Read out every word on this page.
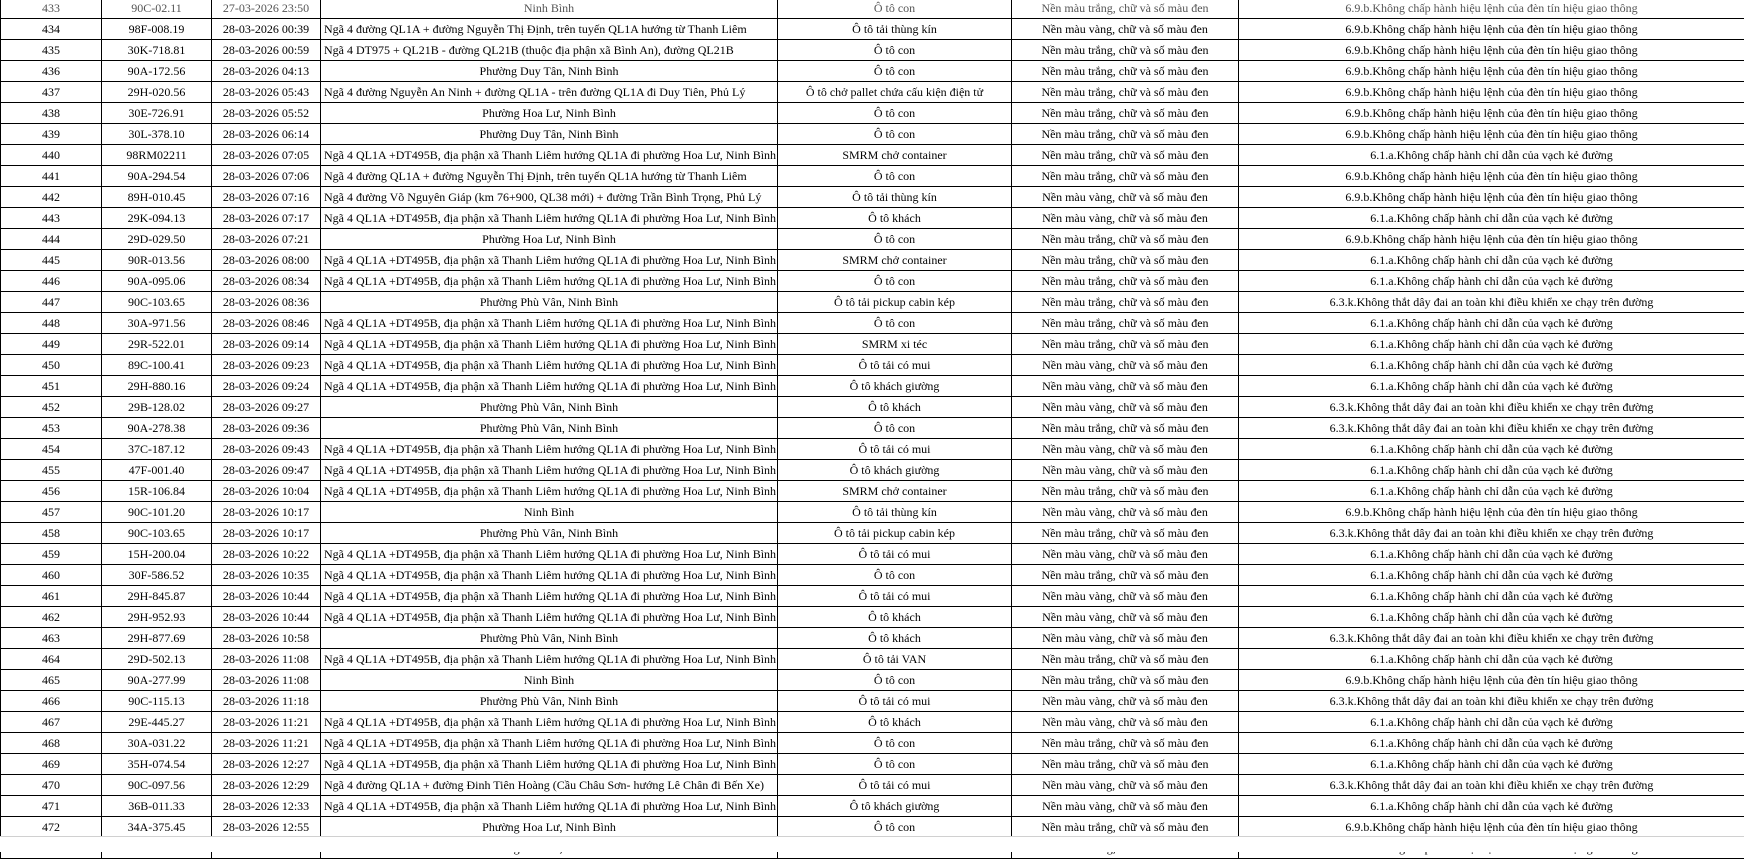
433	90C-02.11	27-03-2026 23:50	Ninh Bình	Ô tô con	Nền màu trắng, chữ và số màu đen	6.9.b.Không chấp hành hiệu lệnh của đèn tín hiệu giao thông
434	98F-008.19	28-03-2026 00:39	Ngã 4 đường QL1A + đường Nguyễn Thị Định, trên tuyến QL1A hướng từ Thanh Liêm	Ô tô tải thùng kín	Nền màu vàng, chữ và số màu đen	6.9.b.Không chấp hành hiệu lệnh của đèn tín hiệu giao thông
435	30K-718.81	28-03-2026 00:59	Ngã 4 DT975 + QL21B - đường QL21B (thuộc địa phận xã Bình An), đường QL21B	Ô tô con	Nền màu trắng, chữ và số màu đen	6.9.b.Không chấp hành hiệu lệnh của đèn tín hiệu giao thông
436	90A-172.56	28-03-2026 04:13	Phường Duy Tân, Ninh Bình	Ô tô con	Nền màu trắng, chữ và số màu đen	6.9.b.Không chấp hành hiệu lệnh của đèn tín hiệu giao thông
437	29H-020.56	28-03-2026 05:43	Ngã 4 đường Nguyễn An Ninh + đường QL1A - trên đường QL1A đi Duy Tiên, Phủ Lý	Ô tô chở pallet chứa cấu kiện điện tử	Nền màu trắng, chữ và số màu đen	6.9.b.Không chấp hành hiệu lệnh của đèn tín hiệu giao thông
438	30E-726.91	28-03-2026 05:52	Phường Hoa Lư, Ninh Bình	Ô tô con	Nền màu trắng, chữ và số màu đen	6.9.b.Không chấp hành hiệu lệnh của đèn tín hiệu giao thông
439	30L-378.10	28-03-2026 06:14	Phường Duy Tân, Ninh Bình	Ô tô con	Nền màu trắng, chữ và số màu đen	6.9.b.Không chấp hành hiệu lệnh của đèn tín hiệu giao thông
440	98RM02211	28-03-2026 07:05	Ngã 4 QL1A +DT495B, địa phận xã Thanh Liêm hướng QL1A đi phường Hoa Lư, Ninh Bình	SMRM chở container	Nền màu trắng, chữ và số màu đen	6.1.a.Không chấp hành chỉ dẫn của vạch kẻ đường
441	90A-294.54	28-03-2026 07:06	Ngã 4 đường QL1A + đường Nguyễn Thị Định, trên tuyến QL1A hướng từ Thanh Liêm	Ô tô con	Nền màu trắng, chữ và số màu đen	6.9.b.Không chấp hành hiệu lệnh của đèn tín hiệu giao thông
442	89H-010.45	28-03-2026 07:16	Ngã 4 đường Võ Nguyên Giáp (km 76+900, QL38 mới) + đường Trần Bình Trọng, Phủ Lý	Ô tô tải thùng kín	Nền màu vàng, chữ và số màu đen	6.9.b.Không chấp hành hiệu lệnh của đèn tín hiệu giao thông
443	29K-094.13	28-03-2026 07:17	Ngã 4 QL1A +DT495B, địa phận xã Thanh Liêm hướng QL1A đi phường Hoa Lư, Ninh Bình	Ô tô khách	Nền màu vàng, chữ và số màu đen	6.1.a.Không chấp hành chỉ dẫn của vạch kẻ đường
444	29D-029.50	28-03-2026 07:21	Phường Hoa Lư, Ninh Bình	Ô tô con	Nền màu trắng, chữ và số màu đen	6.9.b.Không chấp hành hiệu lệnh của đèn tín hiệu giao thông
445	90R-013.56	28-03-2026 08:00	Ngã 4 QL1A +DT495B, địa phận xã Thanh Liêm hướng QL1A đi phường Hoa Lư, Ninh Bình	SMRM chở container	Nền màu trắng, chữ và số màu đen	6.1.a.Không chấp hành chỉ dẫn của vạch kẻ đường
446	90A-095.06	28-03-2026 08:34	Ngã 4 QL1A +DT495B, địa phận xã Thanh Liêm hướng QL1A đi phường Hoa Lư, Ninh Bình	Ô tô con	Nền màu trắng, chữ và số màu đen	6.1.a.Không chấp hành chỉ dẫn của vạch kẻ đường
447	90C-103.65	28-03-2026 08:36	Phường Phù Vân, Ninh Bình	Ô tô tải pickup cabin kép	Nền màu trắng, chữ và số màu đen	6.3.k.Không thắt dây đai an toàn khi điều khiển xe chạy trên đường
448	30A-971.56	28-03-2026 08:46	Ngã 4 QL1A +DT495B, địa phận xã Thanh Liêm hướng QL1A đi phường Hoa Lư, Ninh Bình	Ô tô con	Nền màu trắng, chữ và số màu đen	6.1.a.Không chấp hành chỉ dẫn của vạch kẻ đường
449	29R-522.01	28-03-2026 09:14	Ngã 4 QL1A +DT495B, địa phận xã Thanh Liêm hướng QL1A đi phường Hoa Lư, Ninh Bình	SMRM xi téc	Nền màu trắng, chữ và số màu đen	6.1.a.Không chấp hành chỉ dẫn của vạch kẻ đường
450	89C-100.41	28-03-2026 09:23	Ngã 4 QL1A +DT495B, địa phận xã Thanh Liêm hướng QL1A đi phường Hoa Lư, Ninh Bình	Ô tô tải có mui	Nền màu vàng, chữ và số màu đen	6.1.a.Không chấp hành chỉ dẫn của vạch kẻ đường
451	29H-880.16	28-03-2026 09:24	Ngã 4 QL1A +DT495B, địa phận xã Thanh Liêm hướng QL1A đi phường Hoa Lư, Ninh Bình	Ô tô khách giường	Nền màu vàng, chữ và số màu đen	6.1.a.Không chấp hành chỉ dẫn của vạch kẻ đường
452	29B-128.02	28-03-2026 09:27	Phường Phù Vân, Ninh Bình	Ô tô khách	Nền màu vàng, chữ và số màu đen	6.3.k.Không thắt dây đai an toàn khi điều khiển xe chạy trên đường
453	90A-278.38	28-03-2026 09:36	Phường Phù Vân, Ninh Bình	Ô tô con	Nền màu trắng, chữ và số màu đen	6.3.k.Không thắt dây đai an toàn khi điều khiển xe chạy trên đường
454	37C-187.12	28-03-2026 09:43	Ngã 4 QL1A +DT495B, địa phận xã Thanh Liêm hướng QL1A đi phường Hoa Lư, Ninh Bình	Ô tô tải có mui	Nền màu vàng, chữ và số màu đen	6.1.a.Không chấp hành chỉ dẫn của vạch kẻ đường
455	47F-001.40	28-03-2026 09:47	Ngã 4 QL1A +DT495B, địa phận xã Thanh Liêm hướng QL1A đi phường Hoa Lư, Ninh Bình	Ô tô khách giường	Nền màu vàng, chữ và số màu đen	6.1.a.Không chấp hành chỉ dẫn của vạch kẻ đường
456	15R-106.84	28-03-2026 10:04	Ngã 4 QL1A +DT495B, địa phận xã Thanh Liêm hướng QL1A đi phường Hoa Lư, Ninh Bình	SMRM chở container	Nền màu trắng, chữ và số màu đen	6.1.a.Không chấp hành chỉ dẫn của vạch kẻ đường
457	90C-101.20	28-03-2026 10:17	Ninh Bình	Ô tô tải thùng kín	Nền màu vàng, chữ và số màu đen	6.9.b.Không chấp hành hiệu lệnh của đèn tín hiệu giao thông
458	90C-103.65	28-03-2026 10:17	Phường Phù Vân, Ninh Bình	Ô tô tải pickup cabin kép	Nền màu trắng, chữ và số màu đen	6.3.k.Không thắt dây đai an toàn khi điều khiển xe chạy trên đường
459	15H-200.04	28-03-2026 10:22	Ngã 4 QL1A +DT495B, địa phận xã Thanh Liêm hướng QL1A đi phường Hoa Lư, Ninh Bình	Ô tô tải có mui	Nền màu vàng, chữ và số màu đen	6.1.a.Không chấp hành chỉ dẫn của vạch kẻ đường
460	30F-586.52	28-03-2026 10:35	Ngã 4 QL1A +DT495B, địa phận xã Thanh Liêm hướng QL1A đi phường Hoa Lư, Ninh Bình	Ô tô con	Nền màu trắng, chữ và số màu đen	6.1.a.Không chấp hành chỉ dẫn của vạch kẻ đường
461	29H-845.87	28-03-2026 10:44	Ngã 4 QL1A +DT495B, địa phận xã Thanh Liêm hướng QL1A đi phường Hoa Lư, Ninh Bình	Ô tô tải có mui	Nền màu vàng, chữ và số màu đen	6.1.a.Không chấp hành chỉ dẫn của vạch kẻ đường
462	29H-952.93	28-03-2026 10:44	Ngã 4 QL1A +DT495B, địa phận xã Thanh Liêm hướng QL1A đi phường Hoa Lư, Ninh Bình	Ô tô khách	Nền màu vàng, chữ và số màu đen	6.1.a.Không chấp hành chỉ dẫn của vạch kẻ đường
463	29H-877.69	28-03-2026 10:58	Phường Phù Vân, Ninh Bình	Ô tô khách	Nền màu vàng, chữ và số màu đen	6.3.k.Không thắt dây đai an toàn khi điều khiển xe chạy trên đường
464	29D-502.13	28-03-2026 11:08	Ngã 4 QL1A +DT495B, địa phận xã Thanh Liêm hướng QL1A đi phường Hoa Lư, Ninh Bình	Ô tô tải VAN	Nền màu trắng, chữ và số màu đen	6.1.a.Không chấp hành chỉ dẫn của vạch kẻ đường
465	90A-277.99	28-03-2026 11:08	Ninh Bình	Ô tô con	Nền màu trắng, chữ và số màu đen	6.9.b.Không chấp hành hiệu lệnh của đèn tín hiệu giao thông
466	90C-115.13	28-03-2026 11:18	Phường Phù Vân, Ninh Bình	Ô tô tải có mui	Nền màu vàng, chữ và số màu đen	6.3.k.Không thắt dây đai an toàn khi điều khiển xe chạy trên đường
467	29E-445.27	28-03-2026 11:21	Ngã 4 QL1A +DT495B, địa phận xã Thanh Liêm hướng QL1A đi phường Hoa Lư, Ninh Bình	Ô tô khách	Nền màu vàng, chữ và số màu đen	6.1.a.Không chấp hành chỉ dẫn của vạch kẻ đường
468	30A-031.22	28-03-2026 11:21	Ngã 4 QL1A +DT495B, địa phận xã Thanh Liêm hướng QL1A đi phường Hoa Lư, Ninh Bình	Ô tô con	Nền màu trắng, chữ và số màu đen	6.1.a.Không chấp hành chỉ dẫn của vạch kẻ đường
469	35H-074.54	28-03-2026 12:27	Ngã 4 QL1A +DT495B, địa phận xã Thanh Liêm hướng QL1A đi phường Hoa Lư, Ninh Bình	Ô tô con	Nền màu trắng, chữ và số màu đen	6.1.a.Không chấp hành chỉ dẫn của vạch kẻ đường
470	90C-097.56	28-03-2026 12:29	Ngã 4 đường QL1A + đường Đinh Tiên Hoàng (Cầu Châu Sơn- hướng Lê Chân đi Bến Xe)	Ô tô tải có mui	Nền màu vàng, chữ và số màu đen	6.3.k.Không thắt dây đai an toàn khi điều khiển xe chạy trên đường
471	36B-011.33	28-03-2026 12:33	Ngã 4 QL1A +DT495B, địa phận xã Thanh Liêm hướng QL1A đi phường Hoa Lư, Ninh Bình	Ô tô khách giường	Nền màu vàng, chữ và số màu đen	6.1.a.Không chấp hành chỉ dẫn của vạch kẻ đường
472	34A-375.45	28-03-2026 12:55	Phường Hoa Lư, Ninh Bình	Ô tô con	Nền màu trắng, chữ và số màu đen	6.9.b.Không chấp hành hiệu lệnh của đèn tín hiệu giao thông
